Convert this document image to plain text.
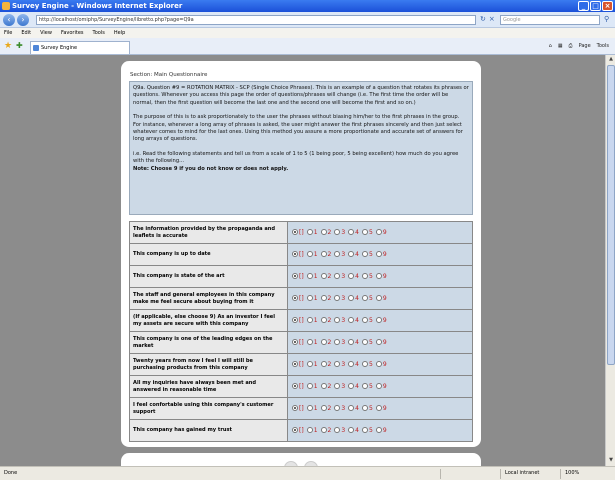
Survey Engine - Windows Internet Explorer	_ □ ×
‹	›	http://localhost/omiphp/SurveyEngine/libretto.php?page=Q9a	↻ ×	Google	⚲
File Edit View Favorites Tools Help
★ ✚	Survey Engine	⌂ ▦ ⎙ Page Tools
Section: Main Questionnaire

Q9a. Question #9 = ROTATION MATRIX - SCP (Single Choice Phrases). This is an example of a question that rotates its phrases or questions. Whenever you access this page the order of questions/phrases will change (i.e. The first time the order will be normal, then the first question will become the last one and the second one will become the first and so on.)

The purpose of this is to ask proportionately to the user the phrases without biasing him/her to the first phrases in the group. For instance, whenever a long array of phrases is asked, the user might answer the first phrases sincerely and then just select whatever comes to mind for the last ones. Using this method you assure a more proportionate and accurate set of answers for long arrays of questions.

i.e. Read the following statements and tell us from a scale of 1 to 5 (1 being poor, 5 being excellent) how much do you agree with the following...

Note: Choose 9 if you do not know or does not apply.
The information provided by the propaganda and leaflets is accurate	[] 1 2 3 4 5 9
This company is up to date	[] 1 2 3 4 5 9
This company is state of the art	[] 1 2 3 4 5 9
The staff and general employees in this company make me feel secure about buying from it	[] 1 2 3 4 5 9
(If applicable, else choose 9) As an investor I feel my assets are secure with this company	[] 1 2 3 4 5 9
This company is one of the leading edges on the market	[] 1 2 3 4 5 9
Twenty years from now I feel I will still be purchasing products from this company	[] 1 2 3 4 5 9
All my inquiries have always been met and answered in reasonable time	[] 1 2 3 4 5 9
I feel confortable using this company's customer support	[] 1 2 3 4 5 9
This company has gained my trust	[] 1 2 3 4 5 9
▲
▼
Done	Local intranet	100%
